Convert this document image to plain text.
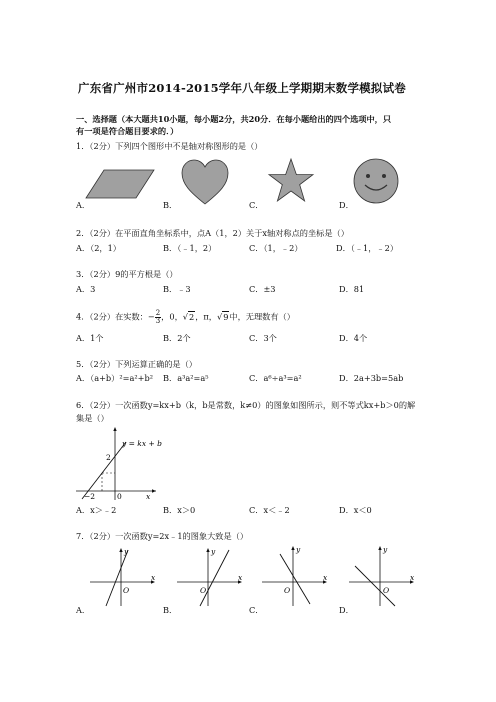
广东省广州市2014-2015学年八年级上学期期末数学模拟试卷
一、选择题（本大题共10小题，每小题2分，共20分．在每小题给出的四个选项中，只
有一项是符合题目要求的．）
1．（2分）下列四个图形中不是轴对称图形的是（）
A．	B．	C．	D．
2．（2分）在平面直角坐标系中，点A（1，2）关于x轴对称点的坐标是（）
A．（2，1）	B．（﹣1，2）	C．（1，﹣2）	D．（﹣1，﹣2）
3．（2分）9的平方根是（）
A．3	B．﹣3	C．±3	D．81
4．（2分）在实数：− $\frac{2}{3}$ ，0，√2，π，√9中，无理数有（）
A．1个	B．2个	C．3个	D．4个
5．（2分）下列运算正确的是（）
A．（a+b）²=a²+b² B．a³a²=a⁵	C．a⁶÷a³=a²	D．2a+3b=5ab
6．（2分）一次函数y=kx+b（k，b是常数，k≠0）的图象如图所示，则不等式kx+b＞0的解
集是（）
y = kx + b
2
−2	0	x
A．x＞﹣2	B．x＞0	C．x＜﹣2	D．x＜0
7．（2分）一次函数y=2x﹣1的图象大致是（）
y
x
O
y
x
O
y
x
O
y
x
O
A．	B．	C．	D．
